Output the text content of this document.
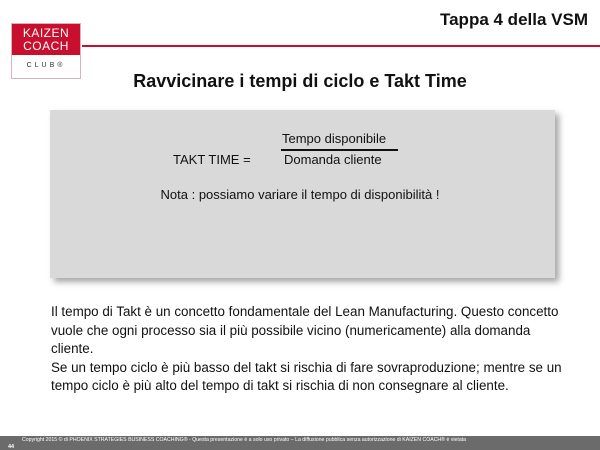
KAIZEN
COACH
CLUB®
Tappa 4 della VSM
Ravvicinare i tempi di ciclo e Takt Time
TAKT TIME =
Tempo disponibile
Domanda cliente
Nota : possiamo variare il tempo di disponibilità !

Il tempo di Takt è un concetto fondamentale del Lean Manufacturing. Questo concetto vuole che ogni processo sia il più possibile vicino (numericamente) alla domanda cliente.

Se un tempo ciclo è più basso del takt si rischia di fare sovraproduzione; mentre se un tempo ciclo è più alto del tempo di takt si rischia di non consegnare al cliente.

44
Copyright 2015 © di PHOENIX STRATEGIES BUSINESS COACHING® - Questa presentazione è a solo uso privato – La diffusione pubblica senza autorizzazione di KAIZEN COACH® è vietata
